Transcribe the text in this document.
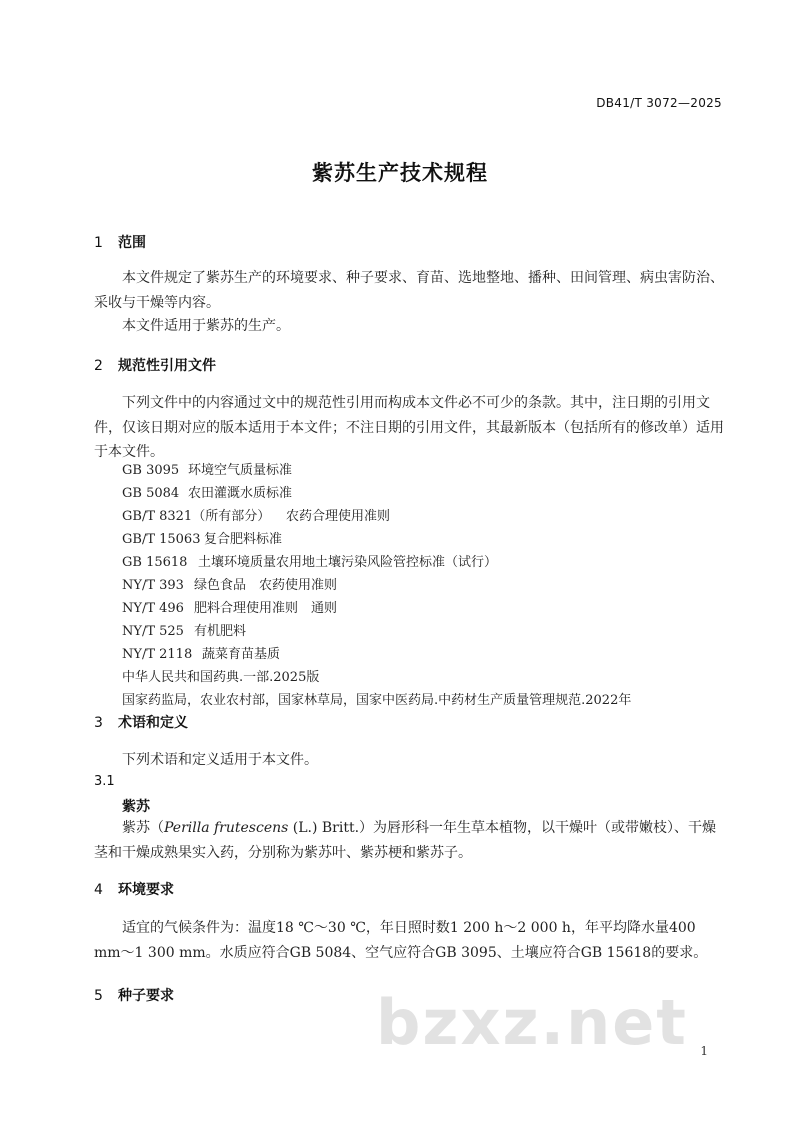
DB41/T 3072—2025
紫苏生产技术规程
1 范围
本文件规定了紫苏生产的环境要求、种子要求、育苗、选地整地、播种、田间管理、病虫害防治、采收与干燥等内容。
本文件适用于紫苏的生产。
2 规范性引用文件
下列文件中的内容通过文中的规范性引用而构成本文件必不可少的条款。其中，注日期的引用文件，仅该日期对应的版本适用于本文件；不注日期的引用文件，其最新版本（包括所有的修改单）适用于本文件。
GB 3095 环境空气质量标准
GB 5084 农田灌溉水质标准
GB/T 8321（所有部分） 农药合理使用准则
GB/T 15063 复合肥料标准
GB 15618 土壤环境质量农用地土壤污染风险管控标准（试行）
NY/T 393 绿色食品　农药使用准则
NY/T 496 肥料合理使用准则　通则
NY/T 525 有机肥料
NY/T 2118 蔬菜育苗基质
中华人民共和国药典.一部.2025版
国家药监局，农业农村部，国家林草局，国家中医药局.中药材生产质量管理规范.2022年
3 术语和定义
下列术语和定义适用于本文件。
3.1
紫苏
紫苏（Perilla frutescens (L.) Britt.）为唇形科一年生草本植物，以干燥叶（或带嫩枝）、干燥茎和干燥成熟果实入药，分别称为紫苏叶、紫苏梗和紫苏子。
4 环境要求
适宜的气候条件为：温度18 ℃～30 ℃，年日照时数1 200 h～2 000 h，年平均降水量400 mm～1 300 mm。水质应符合GB 5084、空气应符合GB 3095、土壤应符合GB 15618的要求。
5 种子要求	bzxz.net 1
